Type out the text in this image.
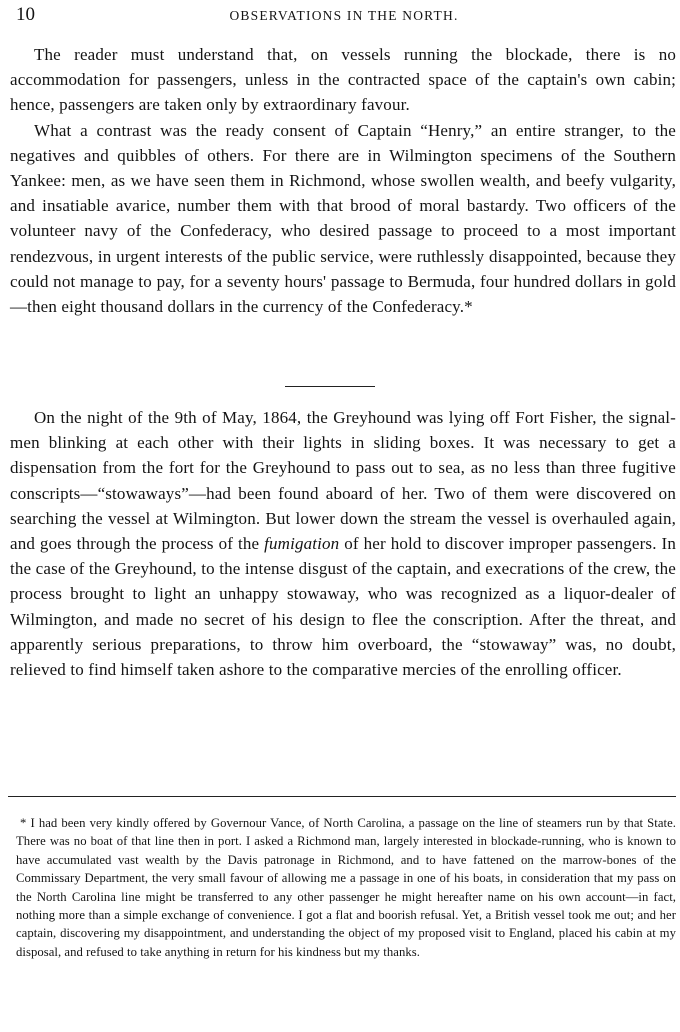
10	OBSERVATIONS IN THE NORTH.

The reader must understand that, on vessels running the blockade, there is no accommodation for passengers, unless in the contracted space of the captain's own cabin; hence, passengers are taken only by extraordinary favour.

What a contrast was the ready consent of Captain “Henry,” an entire stranger, to the negatives and quibbles of others. For there are in Wilmington specimens of the Southern Yankee: men, as we have seen them in Richmond, whose swollen wealth, and beefy vulgarity, and insatiable avarice, number them with that brood of moral bastardy. Two officers of the volunteer navy of the Confederacy, who desired passage to proceed to a most important rendezvous, in urgent interests of the public service, were ruthlessly disappointed, because they could not manage to pay, for a seventy hours' passage to Bermuda, four hundred dollars in gold—then eight thousand dollars in the currency of the Confederacy.*

On the night of the 9th of May, 1864, the Greyhound was lying off Fort Fisher, the signal-men blinking at each other with their lights in sliding boxes. It was necessary to get a dispensation from the fort for the Greyhound to pass out to sea, as no less than three fugitive conscripts—“stowaways”—had been found aboard of her. Two of them were discovered on searching the vessel at Wilmington. But lower down the stream the vessel is overhauled again, and goes through the process of the fumigation of her hold to discover improper passengers. In the case of the Greyhound, to the intense disgust of the captain, and execrations of the crew, the process brought to light an unhappy stowaway, who was recognized as a liquor-dealer of Wilmington, and made no secret of his design to flee the conscription. After the threat, and apparently serious preparations, to throw him overboard, the “stowaway” was, no doubt, relieved to find himself taken ashore to the comparative mercies of the enrolling officer.

* I had been very kindly offered by Governour Vance, of North Carolina, a passage on the line of steamers run by that State. There was no boat of that line then in port. I asked a Richmond man, largely interested in blockade-running, who is known to have accumulated vast wealth by the Davis patronage in Richmond, and to have fattened on the marrow-bones of the Commissary Department, the very small favour of allowing me a passage in one of his boats, in consideration that my pass on the North Carolina line might be transferred to any other passenger he might hereafter name on his own account—in fact, nothing more than a simple exchange of convenience. I got a flat and boorish refusal. Yet, a British vessel took me out; and her captain, discovering my disappointment, and understanding the object of my proposed visit to England, placed his cabin at my disposal, and refused to take anything in return for his kindness but my thanks.
